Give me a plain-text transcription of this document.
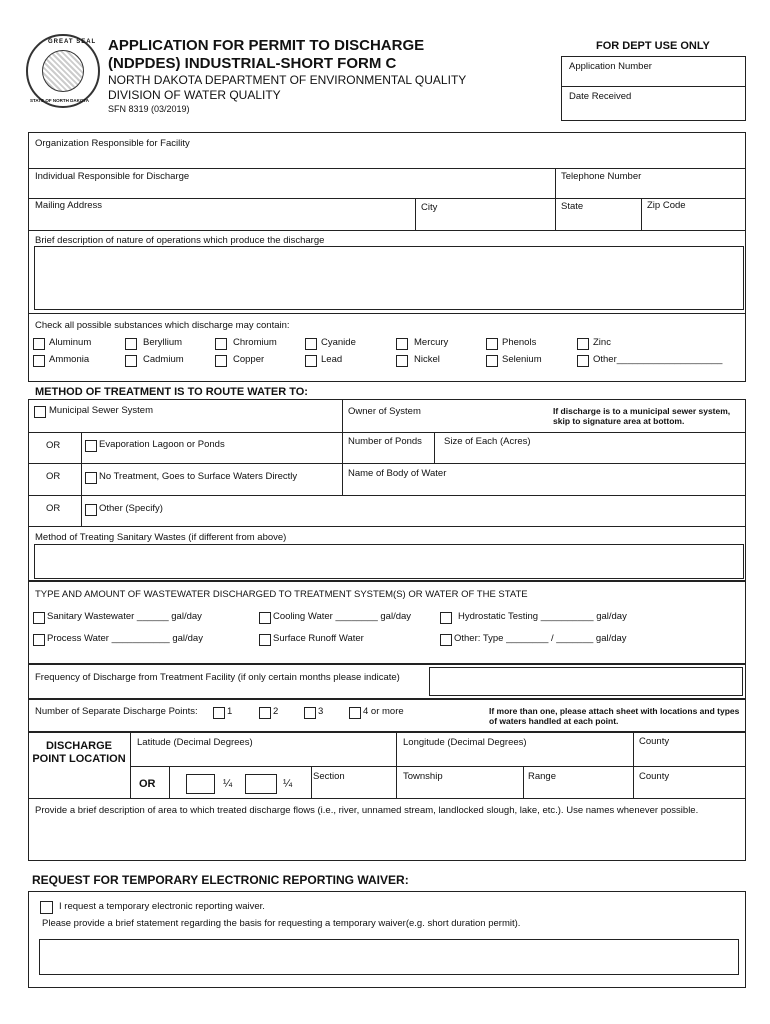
GREAT SEAL
STATE OF NORTH DAKOTA
APPLICATION FOR PERMIT TO DISCHARGE
(NDPDES) INDUSTRIAL-SHORT FORM C
NORTH DAKOTA DEPARTMENT OF ENVIRONMENTAL QUALITY
DIVISION OF WATER QUALITY
SFN 8319 (03/2019)
FOR DEPT USE ONLY
Application Number
Date Received
Organization Responsible for Facility
Individual Responsible for Discharge	Telephone Number
Mailing Address	City	State	Zip Code
Brief description of nature of operations which produce the discharge
Check all possible substances which discharge may contain:
Aluminum	Beryllium	Chromium	Cyanide	Mercury	Phenols	Zinc
Ammonia	Cadmium	Copper	Lead	Nickel	Selenium	Other____________________
METHOD OF TREATMENT IS TO ROUTE WATER TO:
Municipal Sewer System	Owner of System	If discharge is to a municipal sewer system, skip to signature area at bottom.
OR	Evaporation Lagoon or Ponds	Number of Ponds Size of Each (Acres)
OR	No Treatment, Goes to Surface Waters Directly	Name of Body of Water
OR	Other (Specify)
Method of Treating Sanitary Wastes (if different from above)
TYPE AND AMOUNT OF WASTEWATER DISCHARGED TO TREATMENT SYSTEM(S) OR WATER OF THE STATE
Sanitary Wastewater ______ gal/day	Cooling Water ________ gal/day	Hydrostatic Testing __________ gal/day
Process Water ___________ gal/day	Surface Runoff Water	Other: Type ________ / _______ gal/day
Frequency of Discharge from Treatment Facility (if only certain months please indicate)
Number of Separate Discharge Points:	1	2	3	4 or more	If more than one, please attach sheet with locations and types of waters handled at each point.
DISCHARGE POINT LOCATION
Latitude (Decimal Degrees)	Longitude (Decimal Degrees)	County
OR	¼	¼
Section	Township	Range	County
Provide a brief description of area to which treated discharge flows (i.e., river, unnamed stream, landlocked slough, lake, etc.). Use names whenever possible.
REQUEST FOR TEMPORARY ELECTRONIC REPORTING WAIVER:
I request a temporary electronic reporting waiver.
Please provide a brief statement regarding the basis for requesting a temporary waiver(e.g. short duration permit).
